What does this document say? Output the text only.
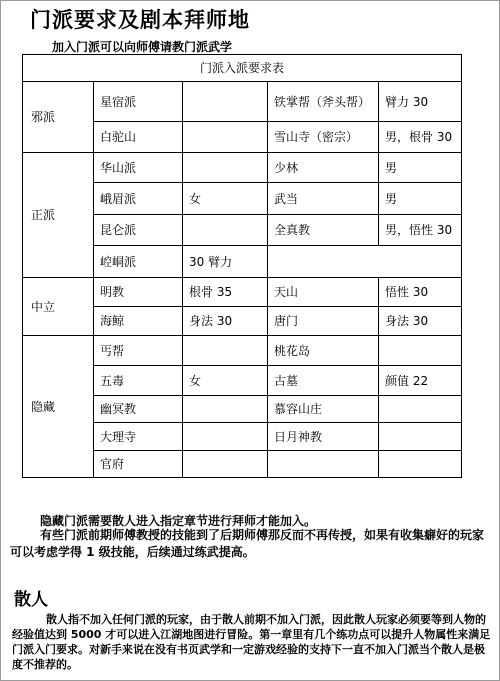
门派要求及剧本拜师地
加入门派可以向师傅请教门派武学
门派入派要求表				
邪派	星宿派		铁掌帮（斧头帮）	臂力 30
	白驼山		雪山寺（密宗）	男，根骨 30
正派	华山派		少林	男
	峨眉派	女	武当	男
	昆仑派		全真教	男，悟性 30
	崆峒派	30 臂力		
中立	明教	根骨 35	天山	悟性 30
	海鲸	身法 30	唐门	身法 30
隐藏	丐帮		桃花岛	
	五毒	女	古墓	颜值 22
	幽冥教		慕容山庄	
	大理寺		日月神教	
	官府			
隐藏门派需要散人进入指定章节进行拜师才能加入。
有些门派前期师傅教授的技能到了后期师傅那反而不再传授，如果有收集癖好的玩家可以考虑学得 1 级技能，后续通过练武提高。
散人
散人指不加入任何门派的玩家，由于散人前期不加入门派，因此散人玩家必须要等到人物的经验值达到 5000 才可以进入江湖地图进行冒险。第一章里有几个练功点可以提升人物属性来满足门派入门要求。对新手来说在没有书页武学和一定游戏经验的支持下一直不加入门派当个散人是极度不推荐的。
